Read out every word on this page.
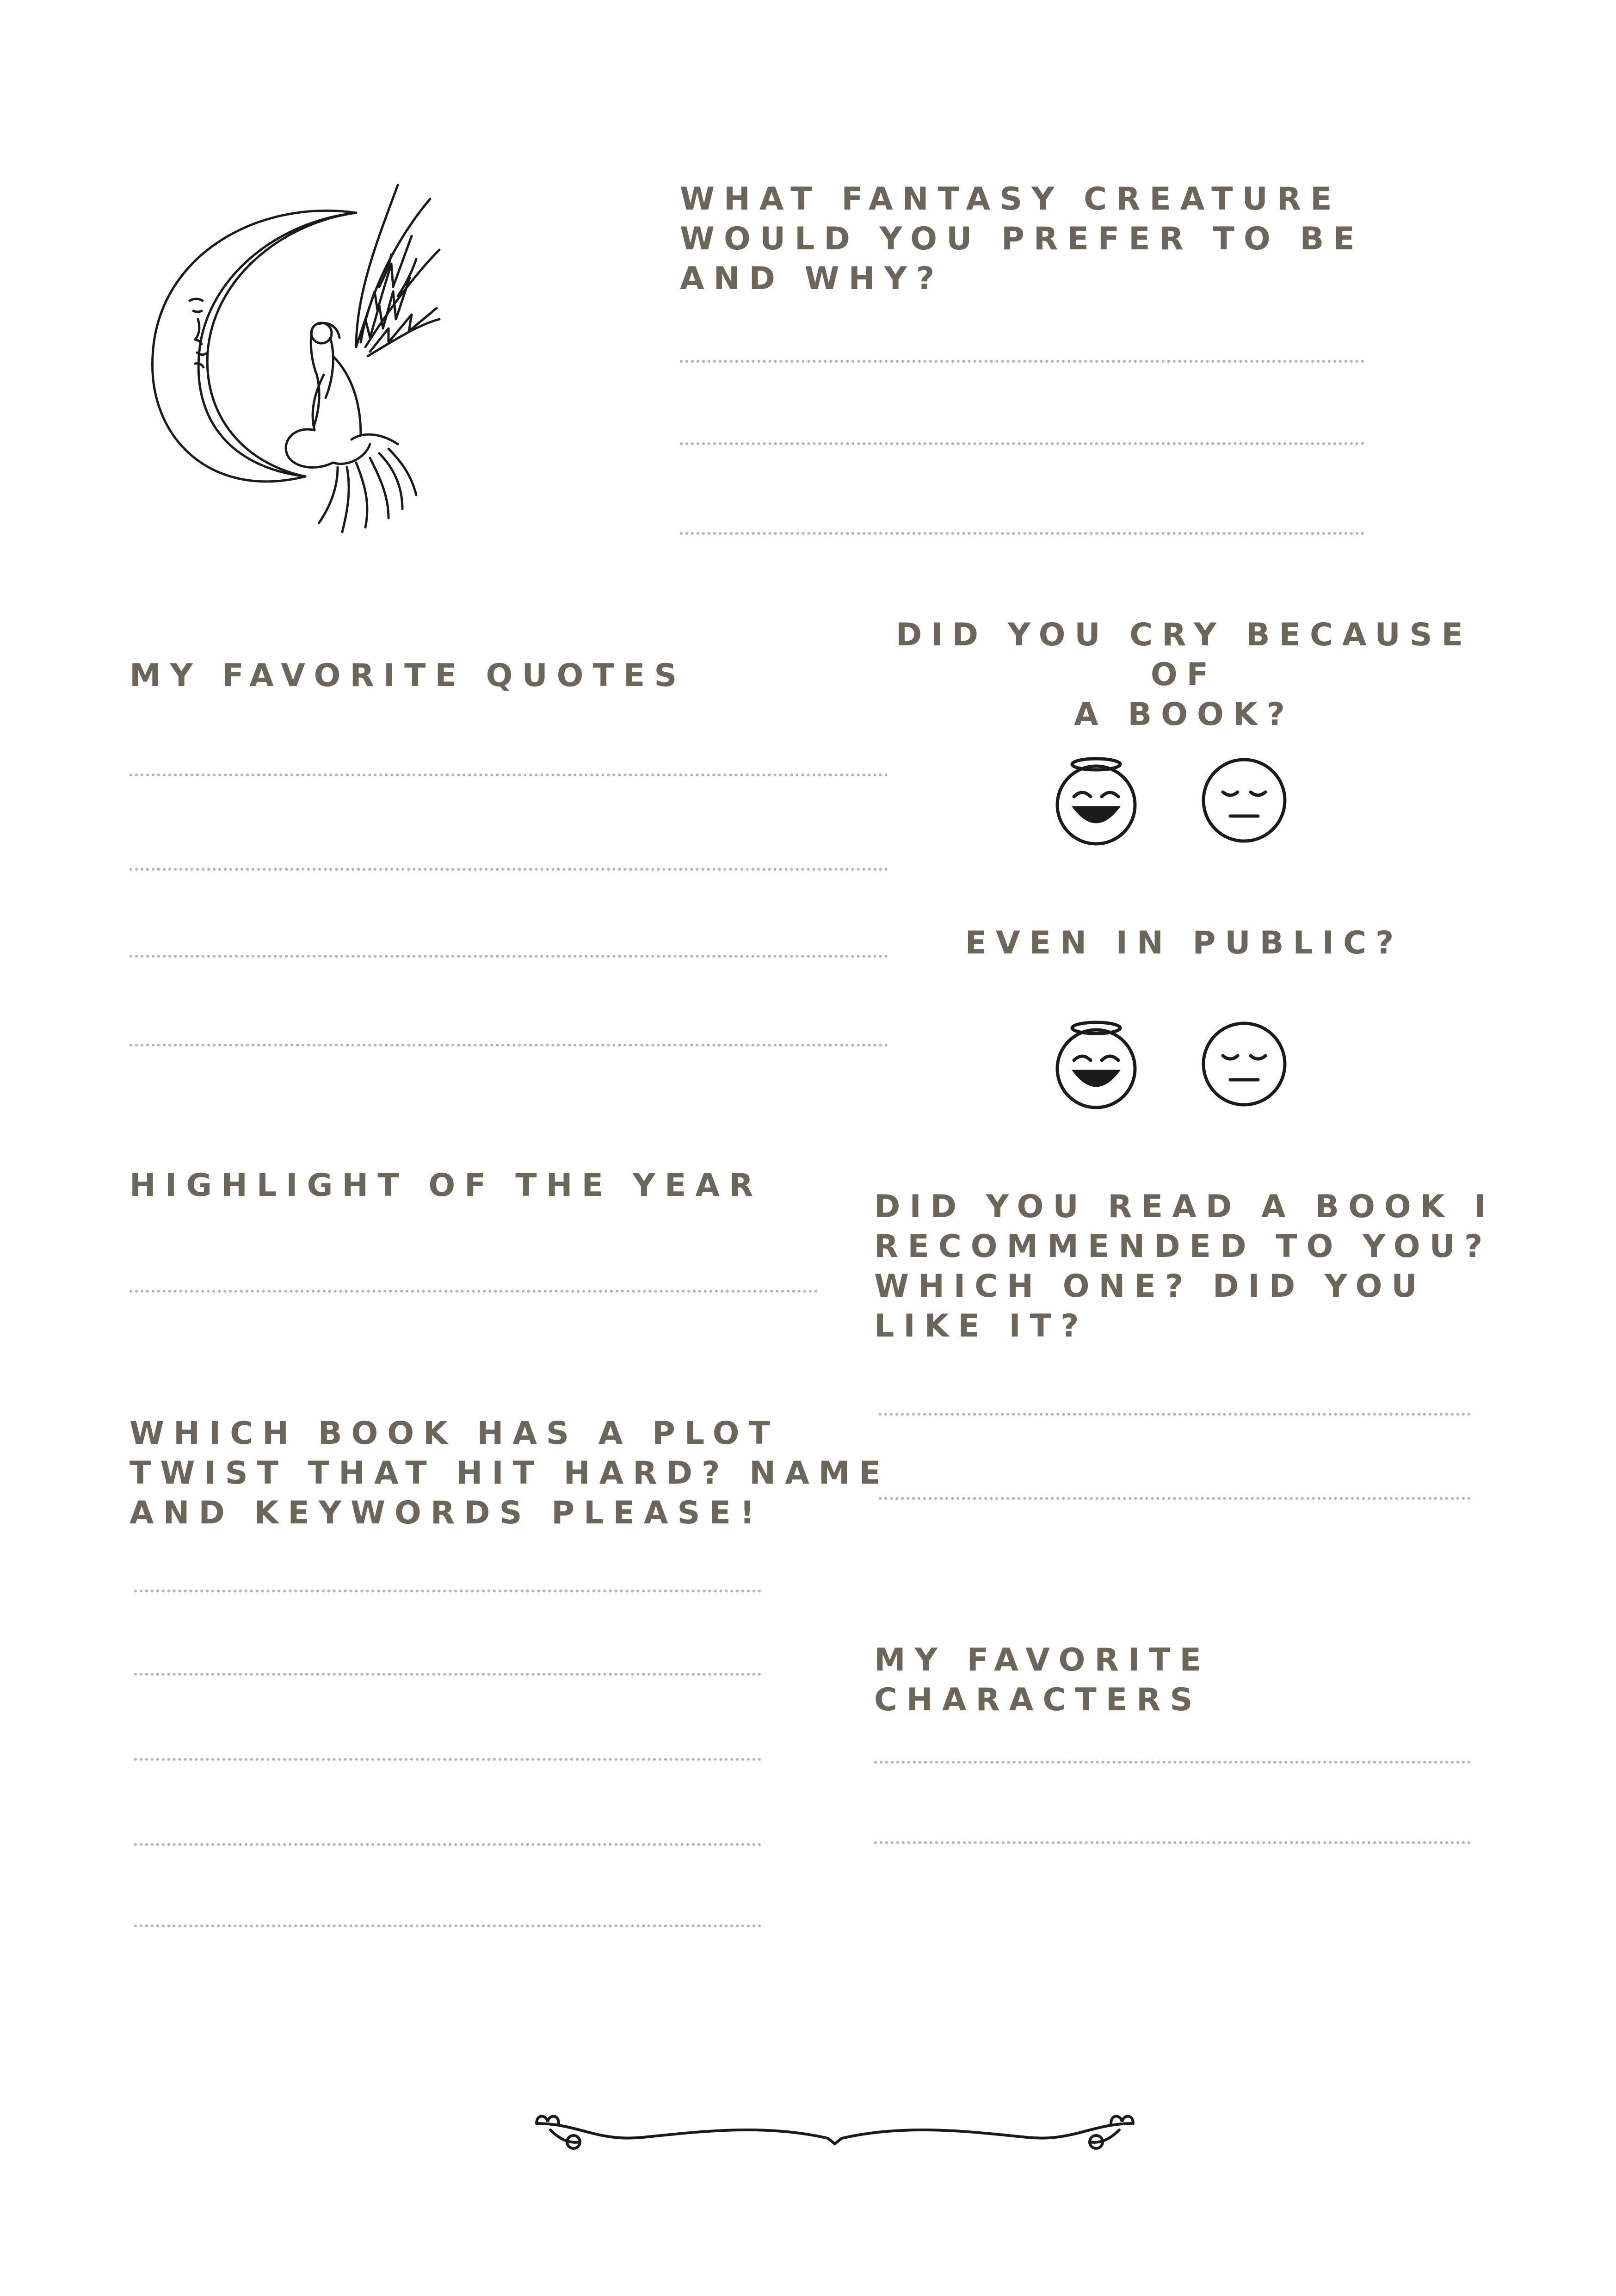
WHAT FANTASY CREATURE
WOULD YOU PREFER TO BE
AND WHY?
MY FAVORITE QUOTES
DID YOU CRY BECAUSE OF
A BOOK?
EVEN IN PUBLIC?
HIGHLIGHT OF THE YEAR
DID YOU READ A BOOK I
RECOMMENDED TO YOU?
WHICH ONE? DID YOU
LIKE IT?
WHICH BOOK HAS A PLOT
TWIST THAT HIT HARD? NAME
AND KEYWORDS PLEASE!
MY FAVORITE
CHARACTERS
